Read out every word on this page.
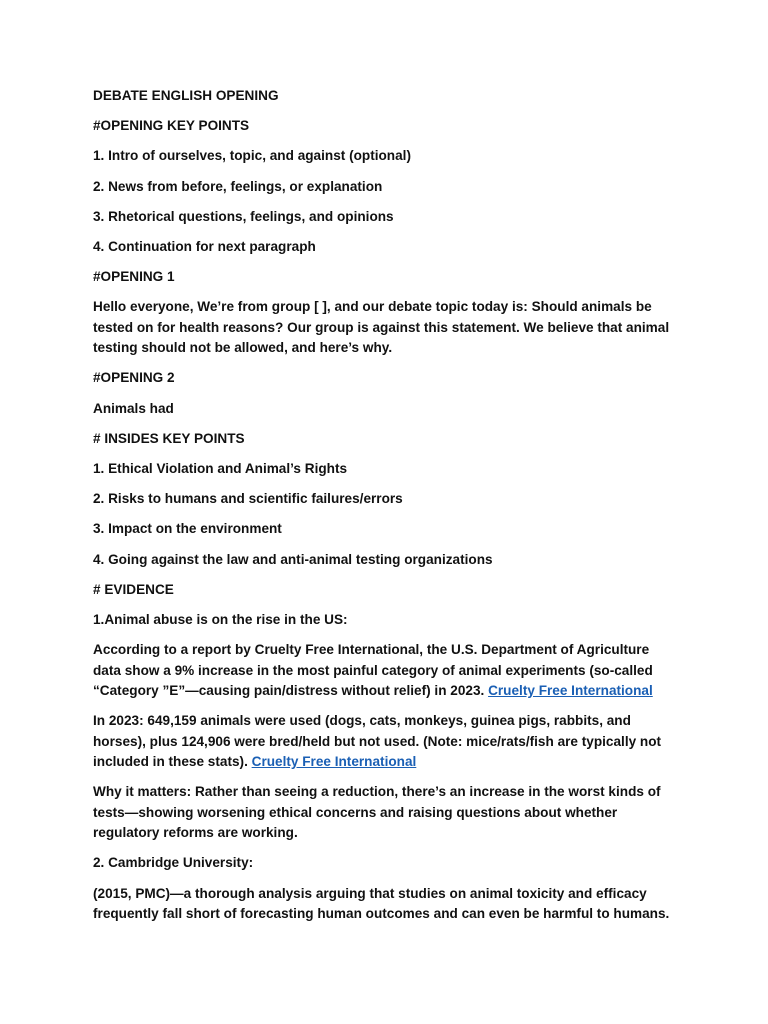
DEBATE ENGLISH OPENING

#OPENING KEY POINTS

1. Intro of ourselves, topic, and against (optional)

2. News from before, feelings, or explanation

3. Rhetorical questions, feelings, and opinions

4. Continuation for next paragraph

#OPENING 1

Hello everyone, We’re from group [ ], and our debate topic today is: Should animals be tested on for health reasons? Our group is against this statement. We believe that animal testing should not be allowed, and here’s why.

#OPENING 2

Animals had

# INSIDES KEY POINTS

1. Ethical Violation and Animal’s Rights

2. Risks to humans and scientific failures/errors

3. Impact on the environment

4. Going against the law and anti-animal testing organizations

# EVIDENCE

1.Animal abuse is on the rise in the US:

According to a report by Cruelty Free International, the U.S. Department of Agriculture data show a 9% increase in the most painful category of animal experiments (so-called “Category ”E”—causing pain/distress without relief) in 2023. Cruelty Free International

In 2023: 649,159 animals were used (dogs, cats, monkeys, guinea pigs, rabbits, and horses), plus 124,906 were bred/held but not used. (Note: mice/rats/fish are typically not included in these stats). Cruelty Free International

Why it matters: Rather than seeing a reduction, there’s an increase in the worst kinds of tests—showing worsening ethical concerns and raising questions about whether regulatory reforms are working.

2. Cambridge University:

(2015, PMC)—a thorough analysis arguing that studies on animal toxicity and efficacy frequently fall short of forecasting human outcomes and can even be harmful to humans.
